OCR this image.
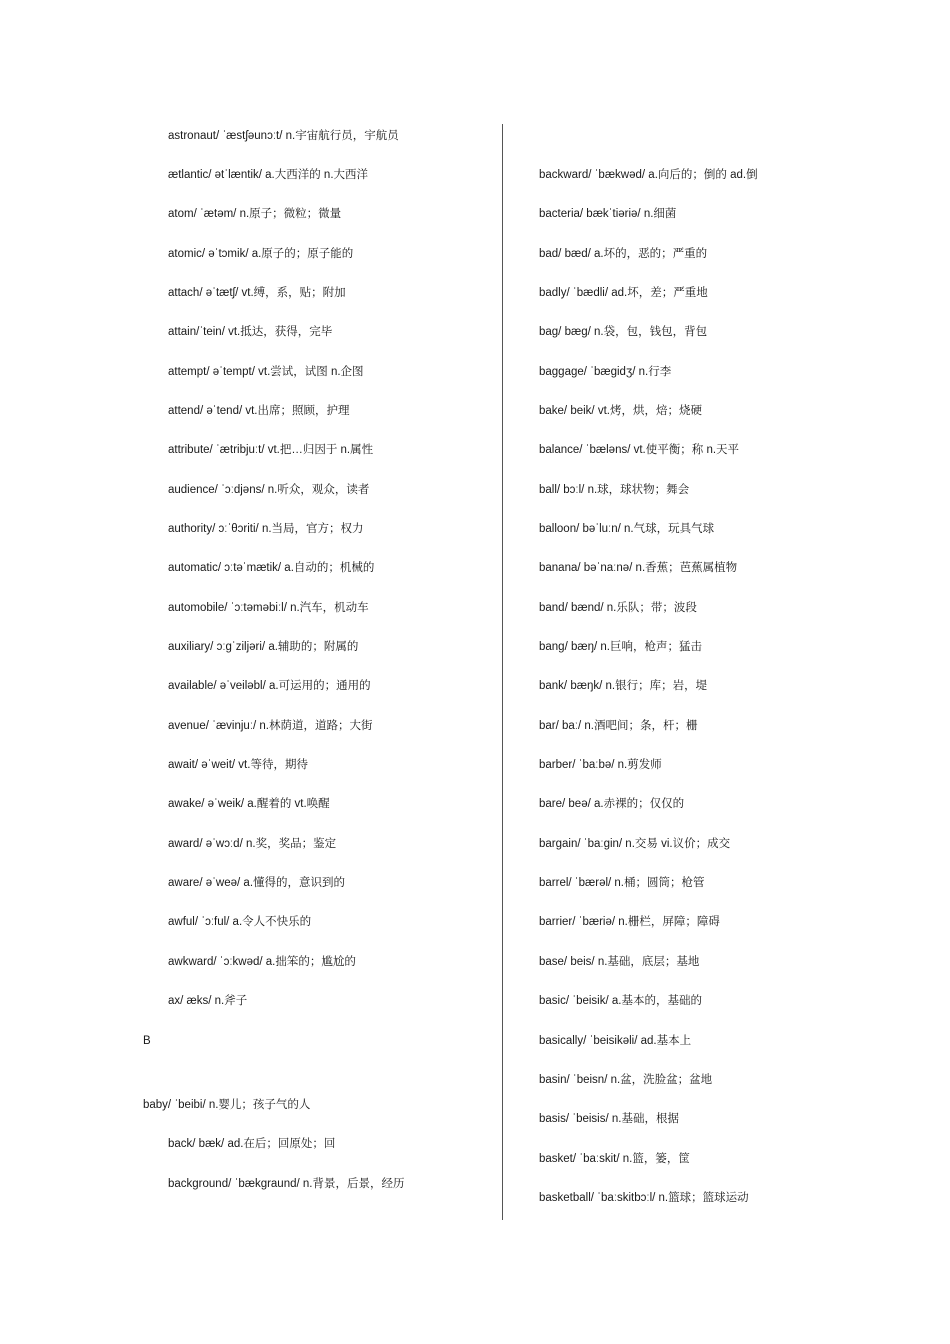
astronaut/ ˈæstʃəunɔːt/ n.宇宙航行员，宇航员
ætlantic/ ətˈlæntik/ a.大西洋的 n.大西洋
atom/ ˈætəm/ n.原子；微粒；微量
atomic/ əˈtɔmik/ a.原子的；原子能的
attach/ əˈtætʃ/ vt.缚，系，贴；附加
attain/ˈtein/ vt.抵达，获得，完毕
attempt/ əˈtempt/ vt.尝试，试图 n.企图
attend/ əˈtend/ vt.出席；照顾，护理
attribute/ ˈætribjuːt/ vt.把…归因于 n.属性
audience/ ˈɔːdjəns/ n.听众，观众，读者
authority/ ɔːˈθɔriti/ n.当局，官方；权力
automatic/ ɔːtəˈmætik/ a.自动的；机械的
automobile/ ˈɔːtəməbiːl/ n.汽车，机动车
auxiliary/ ɔːgˈziljəri/ a.辅助的；附属的
available/ əˈveiləbl/ a.可运用的；通用的
avenue/ ˈævinjuː/ n.林荫道，道路；大街
await/ əˈweit/ vt.等待，期待
awake/ əˈweik/ a.醒着的 vt.唤醒
award/ əˈwɔːd/ n.奖，奖品；鉴定
aware/ əˈweə/ a.懂得的，意识到的
awful/ ˈɔːful/ a.令人不快乐的
awkward/ ˈɔːkwəd/ a.拙笨的；尴尬的
ax/ æks/ n.斧子
B
baby/ ˈbeibi/ n.婴儿；孩子气的人
back/ bæk/ ad.在后；回原处；回
background/ ˈbækgraund/ n.背景，后景，经历
backward/ ˈbækwəd/ a.向后的；倒的 ad.倒
bacteria/ bækˈtiəriə/ n.细菌
bad/ bæd/ a.坏的，恶的；严重的
badly/ ˈbædli/ ad.坏，差；严重地
bag/ bæg/ n.袋，包，钱包，背包
baggage/ ˈbægidʒ/ n.行李
bake/ beik/ vt.烤，烘，焙；烧硬
balance/ ˈbæləns/ vt.使平衡；称 n.天平
ball/ bɔːl/ n.球，球状物；舞会
balloon/ bəˈluːn/ n.气球，玩具气球
banana/ bəˈnaːnə/ n.香蕉；芭蕉属植物
band/ bænd/ n.乐队；带；波段
bang/ bæŋ/ n.巨响，枪声；猛击
bank/ bæŋk/ n.银行；库；岩，堤
bar/ baː/ n.酒吧间；条，杆；栅
barber/ ˈbaːbə/ n.剪发师
bare/ beə/ a.赤裸的；仅仅的
bargain/ ˈbaːgin/ n.交易 vi.议价；成交
barrel/ ˈbærəl/ n.桶；圆筒；枪管
barrier/ ˈbæriə/ n.栅栏，屏障；障碍
base/ beis/ n.基础，底层；基地
basic/ ˈbeisik/ a.基本的，基础的
basically/ ˈbeisikəli/ ad.基本上
basin/ ˈbeisn/ n.盆，洗脸盆；盆地
basis/ ˈbeisis/ n.基础，根据
basket/ ˈbaːskit/ n.篮，篓，筐
basketball/ ˈbaːskitbɔːl/ n.篮球；篮球运动
